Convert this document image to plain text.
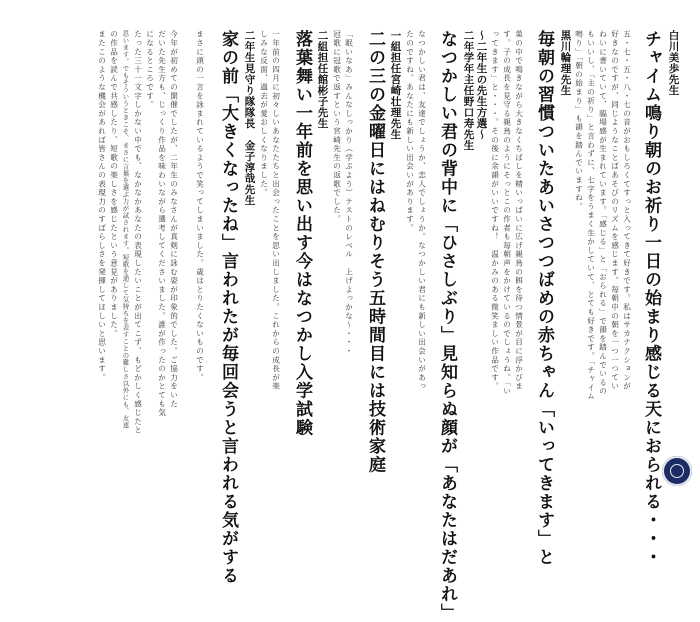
白川美歩先生
チャイム鳴り朝のお祈り一日の始まり感じる天におられる・・・
五・七・五・八・七の音がおもしろくてすっと入ってきて好きです。私はサカナクションが
好きなのですが、同じようなことばあそびのリズムを感じます。毎朝中の朝を一つ一つてい
ねいに書いていて、臨場感が生まれています。「感じる」と「おられる」で韻を踏んでいるの
もいいし、「主の祈り」と言わずに、七字をうまく生かしていて、とても好きです。「チャイム
鳴り」「朝の始まり」も韻を踏んでいますね。
黒川輪理先生
毎朝の習慣ついたあいさつつばめの赤ちゃん「いってきます」と
巣の中で鳴きながら大きなくちばしを精いっぱいに広げ親鳥の餌を待つ情景が目に浮かびま
す。子の成長を見守る親鳥のようにそっとこの作者も毎朝声をかけているのでしょうね。「い
ってきます」と・・・。その後に余韻がいいですね！　温かみのある微笑ましい作品です。
～二年生の先生方選～
二年学年主任野口寿先生
なつかしい君の背中に「ひさしぶり」見知らぬ顔が「あなたはだあれ」
なつかしい君は、友達でしょうか、恋人でしょうか。なつかしい君にも新しい出会いがあっ
たのですね。あなたにも新しい出会いがあります。
一組担任宮崎壮理先生
二の三の金曜日にはねむりそう五時間目には技術家庭
「眠いなあ」みんなしっかり（学ぶよう）テストのレベル　上げよっかな〜・・・
冠歌に冠歌で返すという宮崎先生の返歌でした。
二組担任館彬子先生
落葉舞い一年前を思い出す今はなつかし入学試験
一年前の四月に初々しいあなたたちと出会ったことを思い出しました。これからの成長が楽
しみな反面、過去が愛おしくなりました。
二年生見守り隊隊長　金子淳哉先生
家の前「大きくなったね」言われたが毎回会うと言われる気がする
まさに頭の一言を詠まれているようで笑ってしまいました。歳はとりたくないものです。
今年が初めての開催でしたが、二年生のみなさんが真剣に詠む姿が印象的でした。ご協力をいた
だいた先生方も、じっくり作品を味わいながら選考してくださいました。誰が作ったのかとても気
になるところです。
たった三十一文字しかない中でも、なかなかあなたの表現したいことが出てこず、もどかしく感じたと
思います。でもそういうときこそ、まさに言葉を選ぶ力が試されます。短歌を通して気持ちを表すことの難しさ以外にも、友達
の作品を読んで共感したり、短歌の楽しさを感じたという意見がありました。
またこのような機会があれば皆さんの表現力のすばらしさを発揮してほしいと思います。
